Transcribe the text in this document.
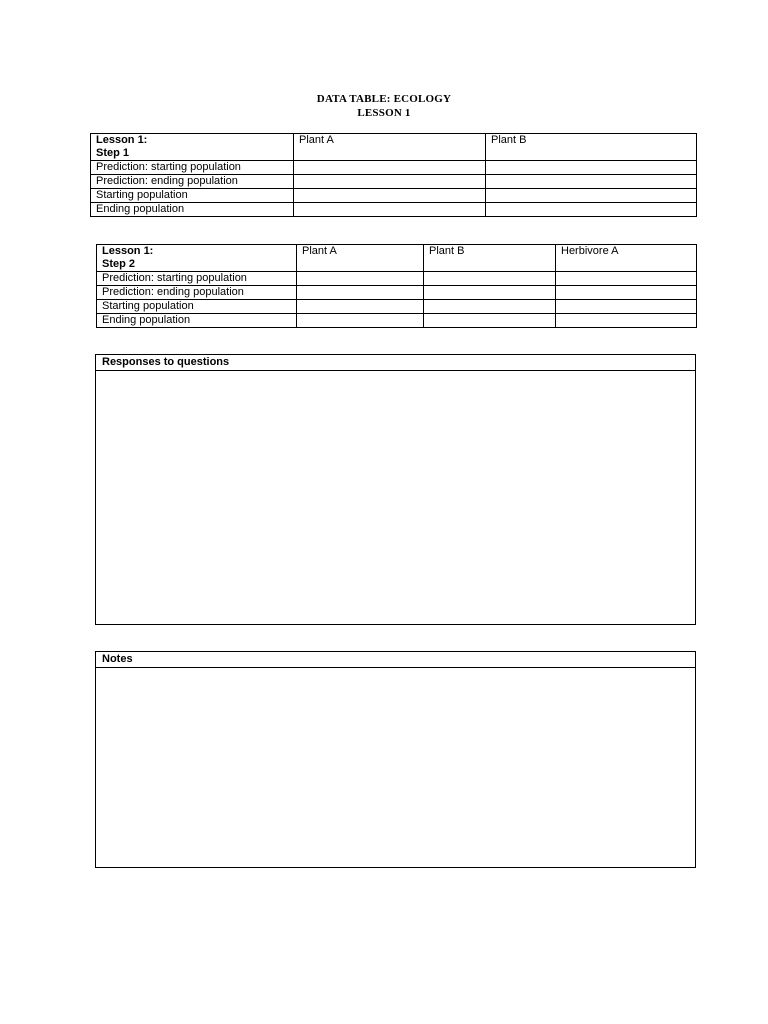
DATA TABLE: ECOLOGY
LESSON 1
Lesson 1:
Step 1	Plant A	Plant B
Prediction: starting population		
Prediction: ending population		
Starting population		
Ending population		
Lesson 1:
Step 2	Plant A	Plant B	Herbivore A
Prediction: starting population			
Prediction: ending population			
Starting population			
Ending population			
Responses to questions
Notes
